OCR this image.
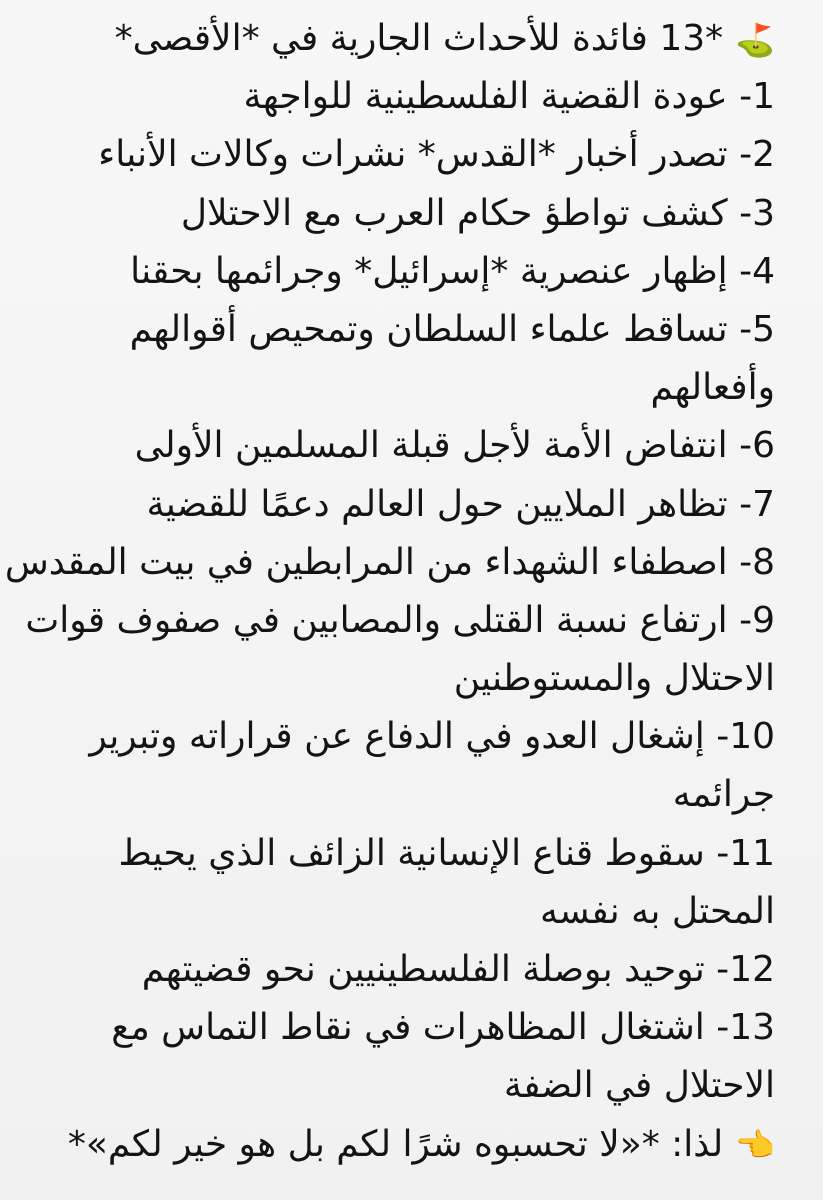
⛳*13 فائدة للأحداث الجارية في *الأقصى*
1- عودة القضية الفلسطينية للواجهة
2- تصدر أخبار *القدس* نشرات وكالات الأنباء
3- كشف تواطؤ حكام العرب مع الاحتلال
4- إظهار عنصرية *إسرائيل* وجرائمها بحقنا
5- تساقط علماء السلطان وتمحيص أقوالهم
وأفعالهم
6- انتفاض الأمة لأجل قبلة المسلمين الأولى
7- تظاهر الملايين حول العالم دعمًا للقضية
8- اصطفاء الشهداء من المرابطين في بيت المقدس
9- ارتفاع نسبة القتلى والمصابين في صفوف قوات
الاحتلال والمستوطنين
10- إشغال العدو في الدفاع عن قراراته وتبرير
جرائمه
11- سقوط قناع الإنسانية الزائف الذي يحيط
المحتل به نفسه
12- توحيد بوصلة الفلسطينيين نحو قضيتهم
13- اشتغال المظاهرات في نقاط التماس مع
الاحتلال في الضفة
👈لذا: *«لا تحسبوه شرًا لكم بل هو خير لكم»*
